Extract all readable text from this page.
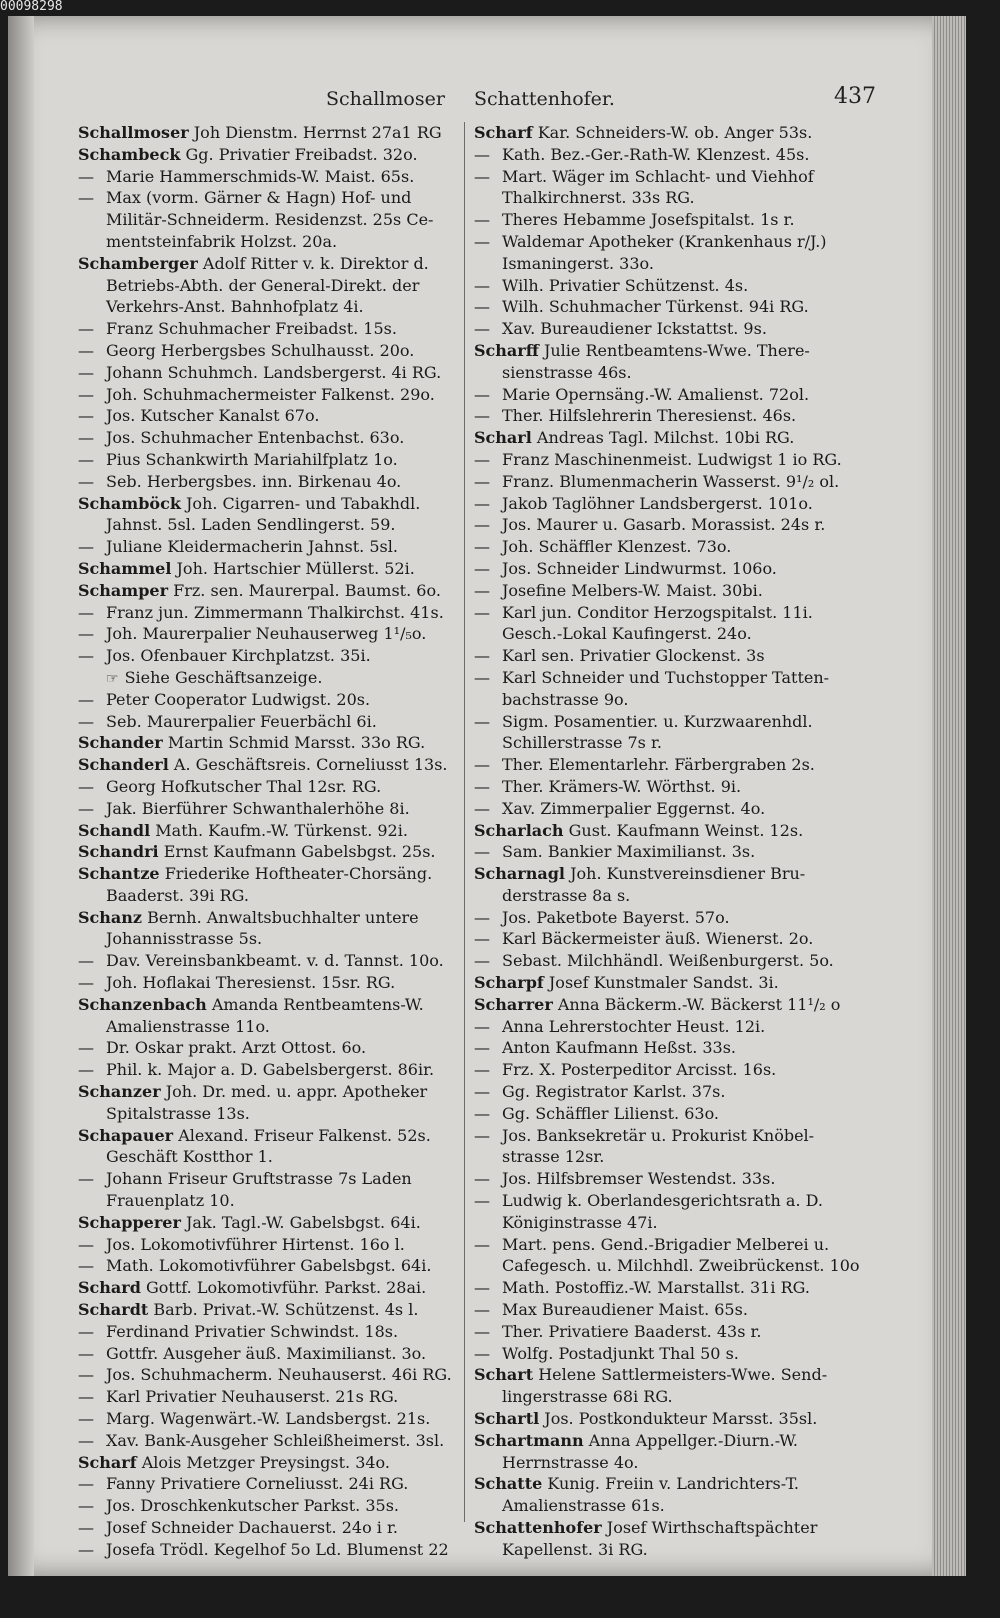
00098298
Schallmoser Schattenhofer.	437
Schallmoser Joh Dienstm. Herrnst 27a1 RG
Schambeck Gg. Privatier Freibadst. 32o.
— Marie Hammerschmids-W. Maist. 65s.
— Max (vorm. Gärner & Hagn) Hof- und
Militär-Schneiderm. Residenzst. 25s Ce-
mentsteinfabrik Holzst. 20a.
Schamberger Adolf Ritter v. k. Direktor d.
Betriebs-Abth. der General-Direkt. der
Verkehrs-Anst. Bahnhofplatz 4i.
— Franz Schuhmacher Freibadst. 15s.
— Georg Herbergsbes Schulhausst. 20o.
— Johann Schuhmch. Landsbergerst. 4i RG.
— Joh. Schuhmachermeister Falkenst. 29o.
— Jos. Kutscher Kanalst 67o.
— Jos. Schuhmacher Entenbachst. 63o.
— Pius Schankwirth Mariahilfplatz 1o.
— Seb. Herbergsbes. inn. Birkenau 4o.
Schamböck Joh. Cigarren- und Tabakhdl.
Jahnst. 5sl. Laden Sendlingerst. 59.
— Juliane Kleidermacherin Jahnst. 5sl.
Schammel Joh. Hartschier Müllerst. 52i.
Schamper Frz. sen. Maurerpal. Baumst. 6o.
— Franz jun. Zimmermann Thalkirchst. 41s.
— Joh. Maurerpalier Neuhauserweg 1¹/₅o.
— Jos. Ofenbauer Kirchplatzst. 35i.
☞ Siehe Geschäftsanzeige.
— Peter Cooperator Ludwigst. 20s.
— Seb. Maurerpalier Feuerbächl 6i.
Schander Martin Schmid Marsst. 33o RG.
Schanderl A. Geschäftsreis. Corneliusst 13s.
— Georg Hofkutscher Thal 12sr. RG.
— Jak. Bierführer Schwanthalerhöhe 8i.
Schandl Math. Kaufm.-W. Türkenst. 92i.
Schandri Ernst Kaufmann Gabelsbgst. 25s.
Schantze Friederike Hoftheater-Chorsäng.
Baaderst. 39i RG.
Schanz Bernh. Anwaltsbuchhalter untere
Johannisstrasse 5s.
— Dav. Vereinsbankbeamt. v. d. Tannst. 10o.
— Joh. Hoflakai Theresienst. 15sr. RG.
Schanzenbach Amanda Rentbeamtens-W.
Amalienstrasse 11o.
— Dr. Oskar prakt. Arzt Ottost. 6o.
— Phil. k. Major a. D. Gabelsbergerst. 86ir.
Schanzer Joh. Dr. med. u. appr. Apotheker
Spitalstrasse 13s.
Schapauer Alexand. Friseur Falkenst. 52s.
Geschäft Kostthor 1.
— Johann Friseur Gruftstrasse 7s Laden
Frauenplatz 10.
Schapperer Jak. Tagl.-W. Gabelsbgst. 64i.
— Jos. Lokomotivführer Hirtenst. 16o l.
— Math. Lokomotivführer Gabelsbgst. 64i.
Schard Gottf. Lokomotivführ. Parkst. 28ai.
Schardt Barb. Privat.-W. Schützenst. 4s l.
— Ferdinand Privatier Schwindst. 18s.
— Gottfr. Ausgeher äuß. Maximilianst. 3o.
— Jos. Schuhmacherm. Neuhauserst. 46i RG.
— Karl Privatier Neuhauserst. 21s RG.
— Marg. Wagenwärt.-W. Landsbergst. 21s.
— Xav. Bank-Ausgeher Schleißheimerst. 3sl.
Scharf Alois Metzger Preysingst. 34o.
— Fanny Privatiere Corneliusst. 24i RG.
— Jos. Droschkenkutscher Parkst. 35s.
— Josef Schneider Dachauerst. 24o i r.
— Josefa Trödl. Kegelhof 5o Ld. Blumenst 22
Scharf Kar. Schneiders-W. ob. Anger 53s.
— Kath. Bez.-Ger.-Rath-W. Klenzest. 45s.
— Mart. Wäger im Schlacht- und Viehhof
Thalkirchnerst. 33s RG.
— Theres Hebamme Josefspitalst. 1s r.
— Waldemar Apotheker (Krankenhaus r/J.)
Ismaningerst. 33o.
— Wilh. Privatier Schützenst. 4s.
— Wilh. Schuhmacher Türkenst. 94i RG.
— Xav. Bureaudiener Ickstattst. 9s.
Scharff Julie Rentbeamtens-Wwe. There-
sienstrasse 46s.
— Marie Opernsäng.-W. Amalienst. 72ol.
— Ther. Hilfslehrerin Theresienst. 46s.
Scharl Andreas Tagl. Milchst. 10bi RG.
— Franz Maschinenmeist. Ludwigst 1 io RG.
— Franz. Blumenmacherin Wasserst. 9¹/₂ ol.
— Jakob Taglöhner Landsbergerst. 101o.
— Jos. Maurer u. Gasarb. Morassist. 24s r.
— Joh. Schäffler Klenzest. 73o.
— Jos. Schneider Lindwurmst. 106o.
— Josefine Melbers-W. Maist. 30bi.
— Karl jun. Conditor Herzogspitalst. 11i.
Gesch.-Lokal Kaufingerst. 24o.
— Karl sen. Privatier Glockenst. 3s
— Karl Schneider und Tuchstopper Tatten-
bachstrasse 9o.
— Sigm. Posamentier. u. Kurzwaarenhdl.
Schillerstrasse 7s r.
— Ther. Elementarlehr. Färbergraben 2s.
— Ther. Krämers-W. Wörthst. 9i.
— Xav. Zimmerpalier Eggernst. 4o.
Scharlach Gust. Kaufmann Weinst. 12s.
— Sam. Bankier Maximilianst. 3s.
Scharnagl Joh. Kunstvereinsdiener Bru-
derstrasse 8a s.
— Jos. Paketbote Bayerst. 57o.
— Karl Bäckermeister äuß. Wienerst. 2o.
— Sebast. Milchhändl. Weißenburgerst. 5o.
Scharpf Josef Kunstmaler Sandst. 3i.
Scharrer Anna Bäckerm.-W. Bäckerst 11¹/₂ o
— Anna Lehrerstochter Heust. 12i.
— Anton Kaufmann Heßst. 33s.
— Frz. X. Posterpeditor Arcisst. 16s.
— Gg. Registrator Karlst. 37s.
— Gg. Schäffler Lilienst. 63o.
— Jos. Banksekretär u. Prokurist Knöbel-
strasse 12sr.
— Jos. Hilfsbremser Westendst. 33s.
— Ludwig k. Oberlandesgerichtsrath a. D.
Königinstrasse 47i.
— Mart. pens. Gend.-Brigadier Melberei u.
Cafegesch. u. Milchhdl. Zweibrückenst. 10o
— Math. Postoffiz.-W. Marstallst. 31i RG.
— Max Bureaudiener Maist. 65s.
— Ther. Privatiere Baaderst. 43s r.
— Wolfg. Postadjunkt Thal 50 s.
Schart Helene Sattlermeisters-Wwe. Send-
lingerstrasse 68i RG.
Schartl Jos. Postkondukteur Marsst. 35sl.
Schartmann Anna Appellger.-Diurn.-W.
Herrnstrasse 4o.
Schatte Kunig. Freiin v. Landrichters-T.
Amalienstrasse 61s.
Schattenhofer Josef Wirthschaftspächter
Kapellenst. 3i RG.
